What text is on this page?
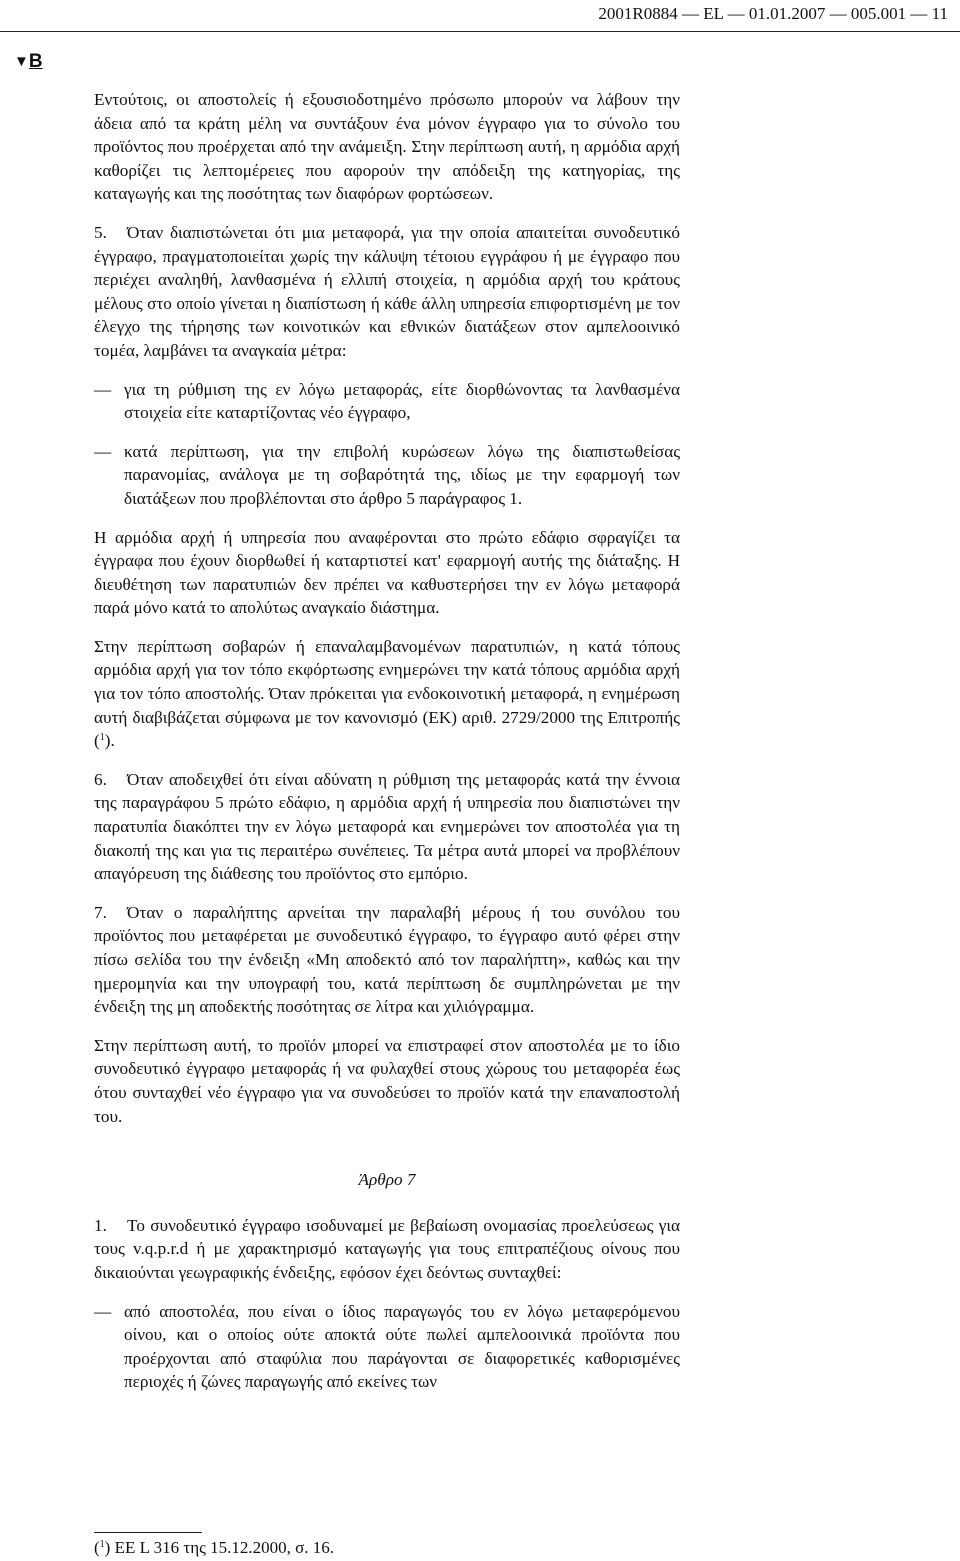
2001R0884 — EL — 01.01.2007 — 005.001 — 11
▼B

Εντούτοις, οι αποστολείς ή εξουσιοδοτημένο πρόσωπο μπορούν να λάβουν την άδεια από τα κράτη μέλη να συντάξουν ένα μόνον έγγραφο για το σύνολο του προϊόντος που προέρχεται από την ανάμειξη. Στην περίπτωση αυτή, η αρμόδια αρχή καθορίζει τις λεπτομέρειες που αφορούν την απόδειξη της κατηγορίας, της καταγωγής και της ποσότητας των διαφόρων φορτώσεων.

5. Όταν διαπιστώνεται ότι μια μεταφορά, για την οποία απαιτείται συνοδευτικό έγγραφο, πραγματοποιείται χωρίς την κάλυψη τέτοιου εγγράφου ή με έγγραφο που περιέχει αναληθή, λανθασμένα ή ελλιπή στοιχεία, η αρμόδια αρχή του κράτους μέλους στο οποίο γίνεται η διαπίστωση ή κάθε άλλη υπηρεσία επιφορτισμένη με τον έλεγχο της τήρησης των κοινοτικών και εθνικών διατάξεων στον αμπελοοινικό τομέα, λαμβάνει τα αναγκαία μέτρα:

— για τη ρύθμιση της εν λόγω μεταφοράς, είτε διορθώνοντας τα λανθασμένα στοιχεία είτε καταρτίζοντας νέο έγγραφο,
— κατά περίπτωση, για την επιβολή κυρώσεων λόγω της διαπιστωθείσας παρανομίας, ανάλογα με τη σοβαρότητά της, ιδίως με την εφαρμογή των διατάξεων που προβλέπονται στο άρθρο 5 παράγραφος 1.

Η αρμόδια αρχή ή υπηρεσία που αναφέρονται στο πρώτο εδάφιο σφραγίζει τα έγγραφα που έχουν διορθωθεί ή καταρτιστεί κατ' εφαρμογή αυτής της διάταξης. Η διευθέτηση των παρατυπιών δεν πρέπει να καθυστερήσει την εν λόγω μεταφορά παρά μόνο κατά το απολύτως αναγκαίο διάστημα.

Στην περίπτωση σοβαρών ή επαναλαμβανομένων παρατυπιών, η κατά τόπους αρμόδια αρχή για τον τόπο εκφόρτωσης ενημερώνει την κατά τόπους αρμόδια αρχή για τον τόπο αποστολής. Όταν πρόκειται για ενδοκοινοτική μεταφορά, η ενημέρωση αυτή διαβιβάζεται σύμφωνα με τον κανονισμό (ΕΚ) αριθ. 2729/2000 της Επιτροπής ($^1$).

6. Όταν αποδειχθεί ότι είναι αδύνατη η ρύθμιση της μεταφοράς κατά την έννοια της παραγράφου 5 πρώτο εδάφιο, η αρμόδια αρχή ή υπηρεσία που διαπιστώνει την παρατυπία διακόπτει την εν λόγω μεταφορά και ενημερώνει τον αποστολέα για τη διακοπή της και για τις περαιτέρω συνέπειες. Τα μέτρα αυτά μπορεί να προβλέπουν απαγόρευση της διάθεσης του προϊόντος στο εμπόριο.

7. Όταν ο παραλήπτης αρνείται την παραλαβή μέρους ή του συνόλου του προϊόντος που μεταφέρεται με συνοδευτικό έγγραφο, το έγγραφο αυτό φέρει στην πίσω σελίδα του την ένδειξη «Μη αποδεκτό από τον παραλήπτη», καθώς και την ημερομηνία και την υπογραφή του, κατά περίπτωση δε συμπληρώνεται με την ένδειξη της μη αποδεκτής ποσότητας σε λίτρα και χιλιόγραμμα.

Στην περίπτωση αυτή, το προϊόν μπορεί να επιστραφεί στον αποστολέα με το ίδιο συνοδευτικό έγγραφο μεταφοράς ή να φυλαχθεί στους χώρους του μεταφορέα έως ότου συνταχθεί νέο έγγραφο για να συνοδεύσει το προϊόν κατά την επαναποστολή του.

Άρθρο 7

1. Το συνοδευτικό έγγραφο ισοδυναμεί με βεβαίωση ονομασίας προελεύσεως για τους v.q.p.r.d ή με χαρακτηρισμό καταγωγής για τους επιτραπέζιους οίνους που δικαιούνται γεωγραφικής ένδειξης, εφόσον έχει δεόντως συνταχθεί:

— από αποστολέα, που είναι ο ίδιος παραγωγός του εν λόγω μεταφερόμενου οίνου, και ο οποίος ούτε αποκτά ούτε πωλεί αμπελοοινικά προϊόντα που προέρχονται από σταφύλια που παράγονται σε διαφορετικές καθορισμένες περιοχές ή ζώνες παραγωγής από εκείνες των
($^1$) ΕΕ L 316 της 15.12.2000, σ. 16.
